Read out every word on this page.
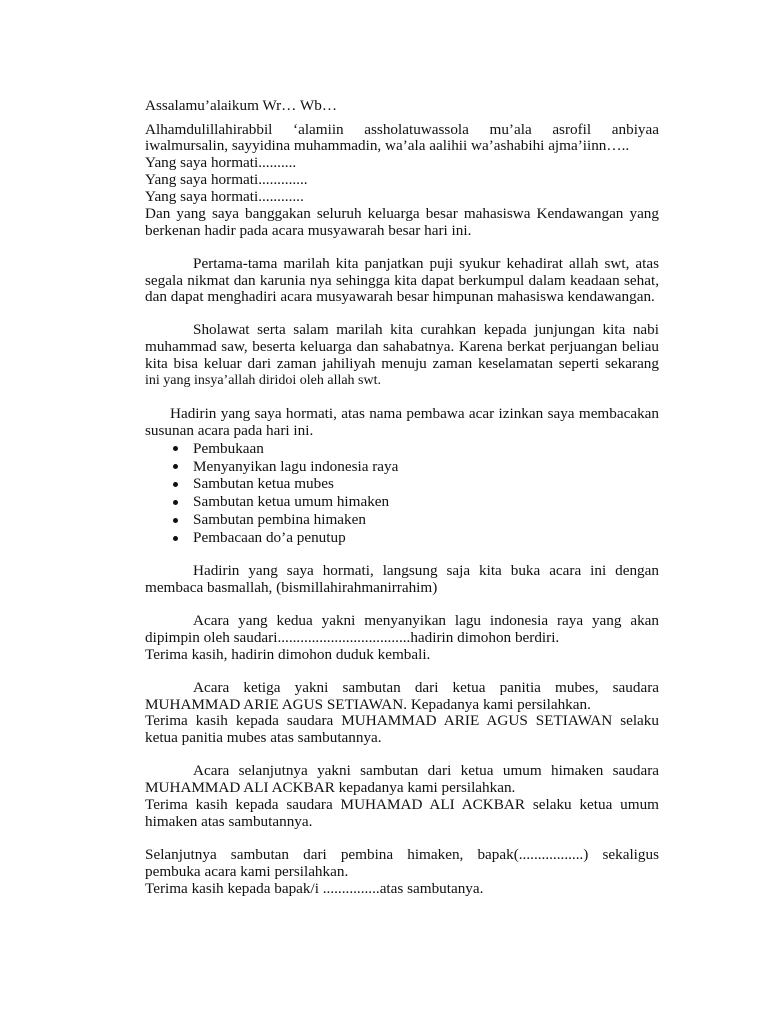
Assalamu’alaikum Wr… Wb…
Alhamdulillahirabbil ‘alamiin assholatuwassola mu’ala asrofil anbiyaa
iwalmursalin, sayyidina muhammadin, wa’ala aalihii wa’ashabihi ajma’iinn…..
Yang saya hormati..........
Yang saya hormati.............
Yang saya hormati............
Dan yang saya banggakan seluruh keluarga besar mahasiswa Kendawangan yang
berkenan hadir pada acara musyawarah besar hari ini.
Pertama-tama marilah kita panjatkan puji syukur kehadirat allah swt, atas
segala nikmat dan karunia nya sehingga kita dapat berkumpul dalam keadaan sehat,
dan dapat menghadiri acara musyawarah besar himpunan mahasiswa kendawangan.
Sholawat serta salam marilah kita curahkan kepada junjungan kita nabi
muhammad saw, beserta keluarga dan sahabatnya. Karena berkat perjuangan beliau
kita bisa keluar dari zaman jahiliyah menuju zaman keselamatan seperti sekarang
ini yang insya’allah diridoi oleh allah swt.
Hadirin yang saya hormati, atas nama pembawa acar izinkan saya membacakan
susunan acara pada hari ini.
Pembukaan
Menyanyikan lagu indonesia raya
Sambutan ketua mubes
Sambutan ketua umum himaken
Sambutan pembina himaken
Pembacaan do’a penutup
Hadirin yang saya hormati, langsung saja kita buka acara ini dengan
membaca basmallah, (bismillahirahmanirrahim)
Acara yang kedua yakni menyanyikan lagu indonesia raya yang akan
dipimpin oleh saudari...................................hadirin dimohon berdiri.
Terima kasih, hadirin dimohon duduk kembali.
Acara ketiga yakni sambutan dari ketua panitia mubes, saudara
MUHAMMAD ARIE AGUS SETIAWAN. Kepadanya kami persilahkan.
Terima kasih kepada saudara MUHAMMAD ARIE AGUS SETIAWAN selaku
ketua panitia mubes atas sambutannya.
Acara selanjutnya yakni sambutan dari ketua umum himaken saudara
MUHAMMAD ALI ACKBAR kepadanya kami persilahkan.
Terima kasih kepada saudara MUHAMAD ALI ACKBAR selaku ketua umum
himaken atas sambutannya.
Selanjutnya sambutan dari pembina himaken, bapak(.................) sekaligus
pembuka acara kami persilahkan.
Terima kasih kepada bapak/i ...............atas sambutanya.
